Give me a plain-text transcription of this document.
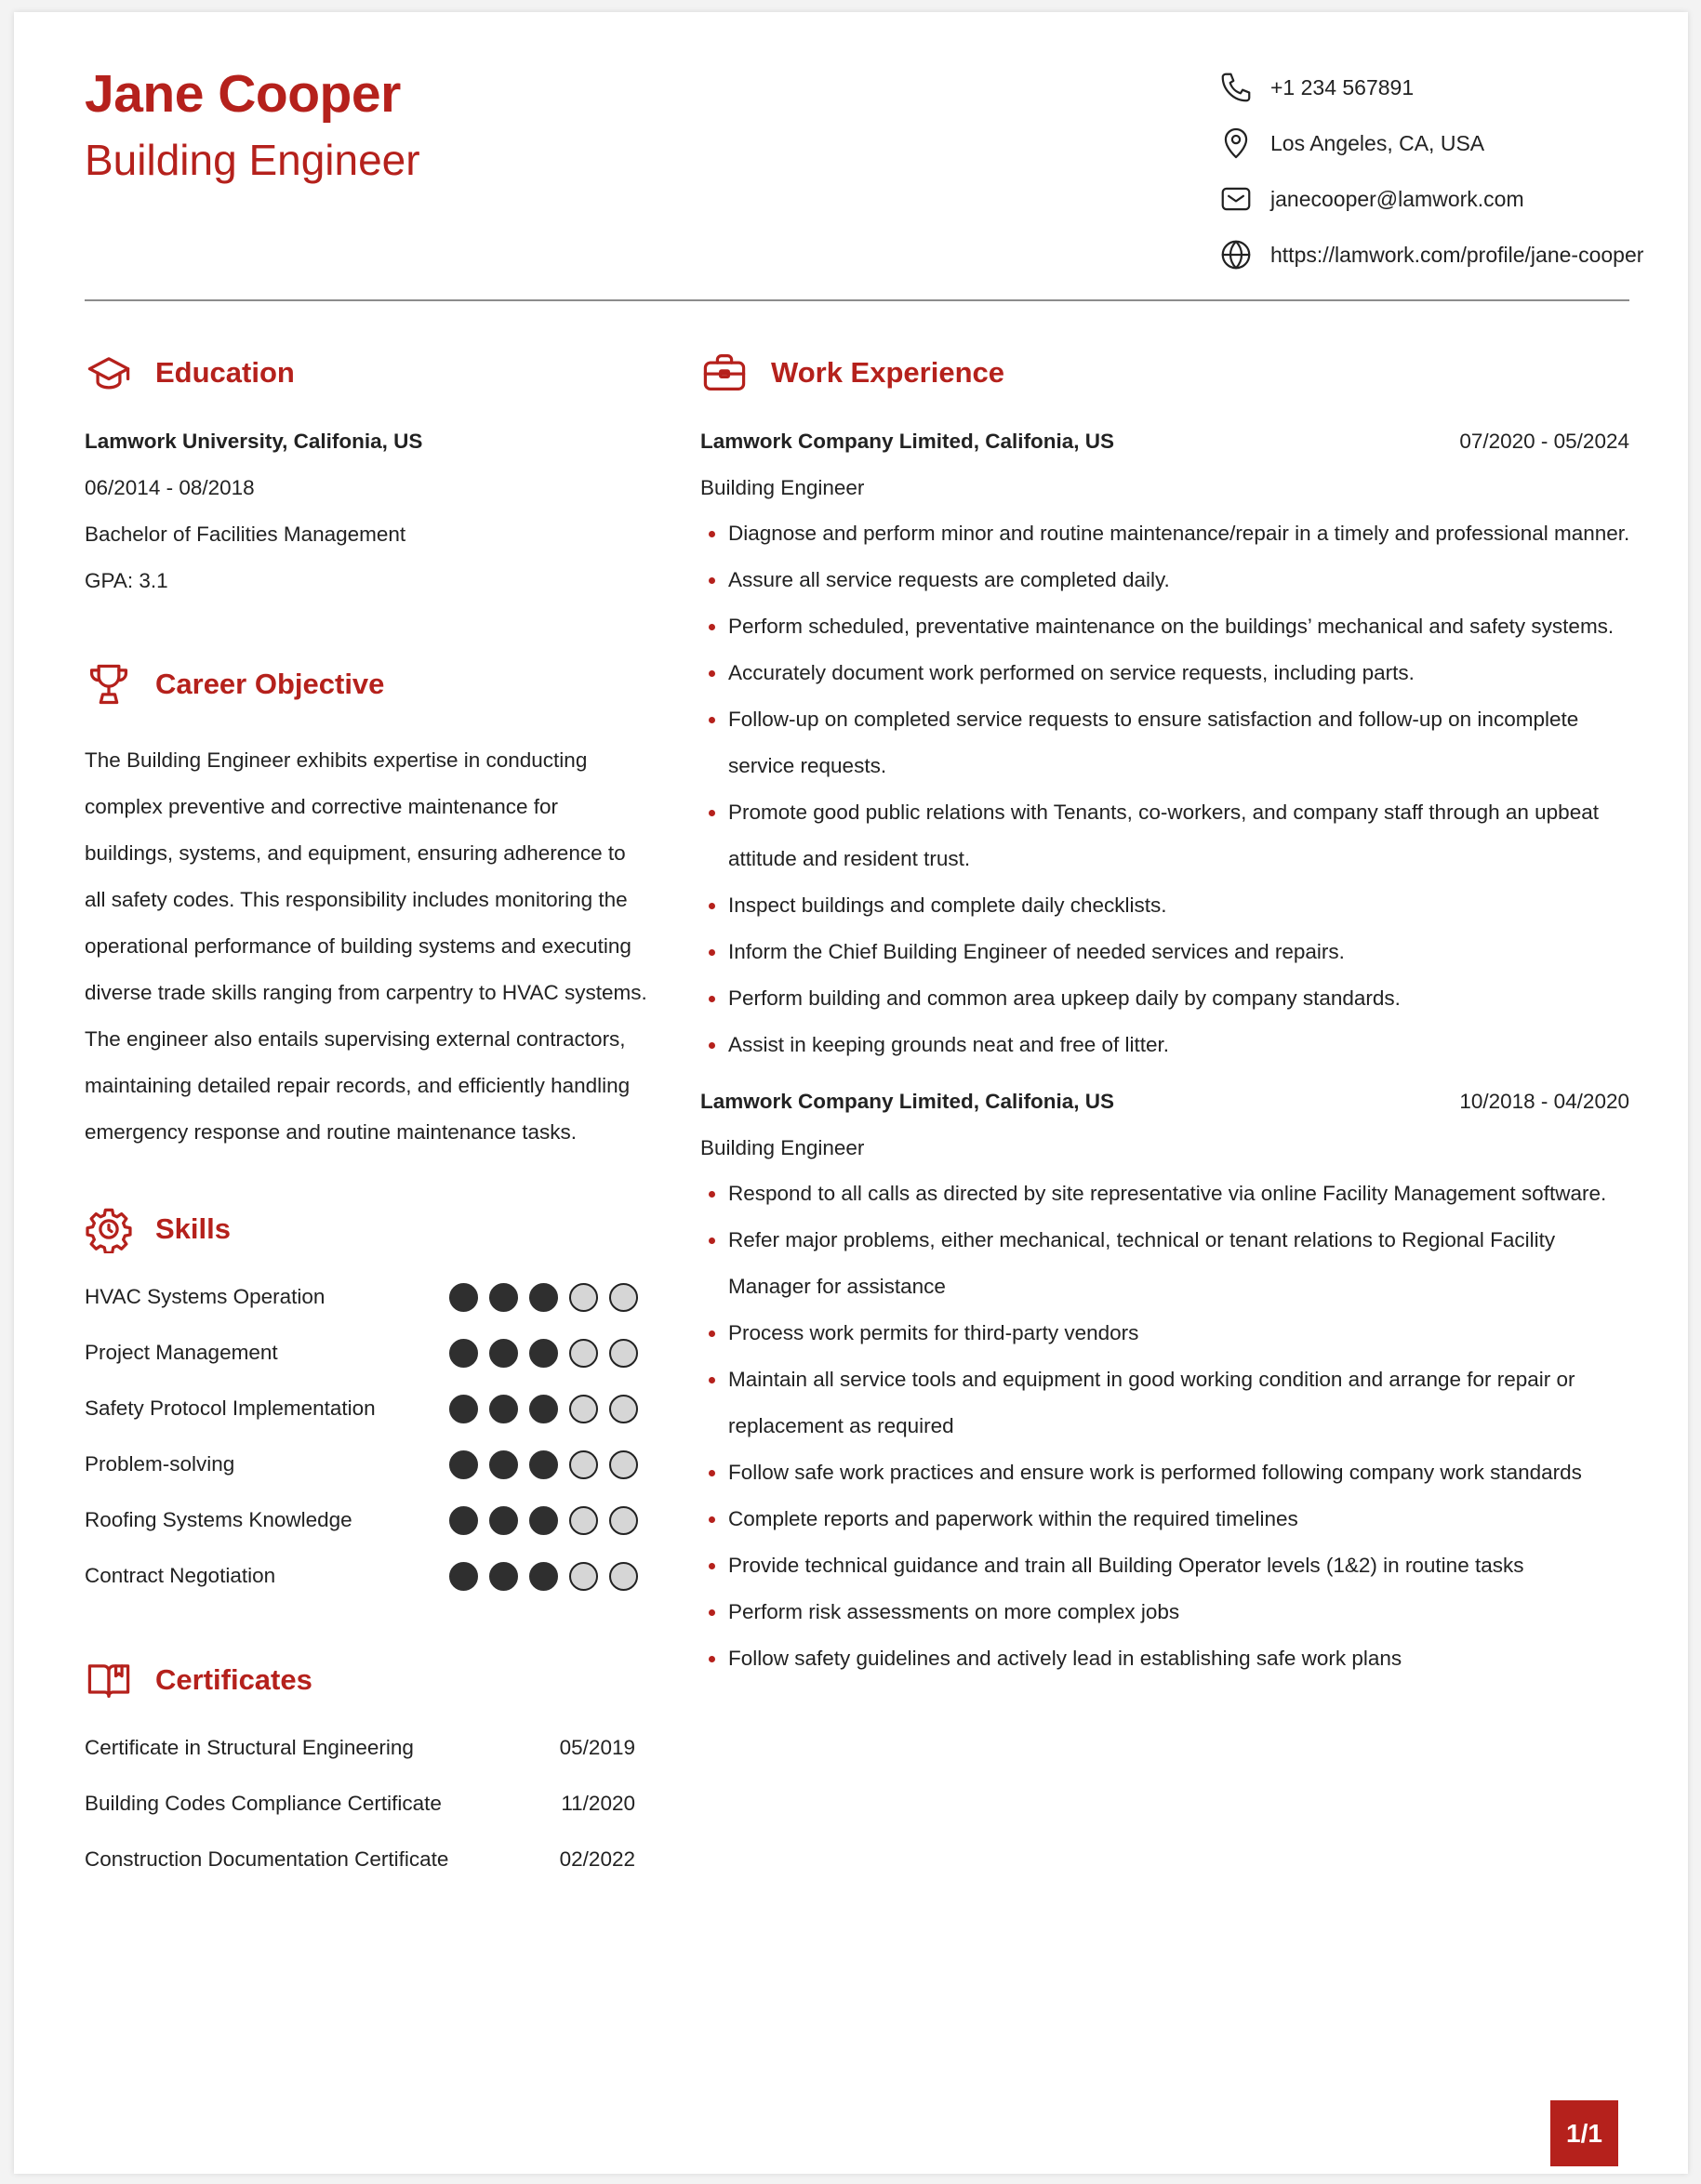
Jane Cooper
Building Engineer
+1 234 567891
Los Angeles, CA, USA
janecooper@lamwork.com
https://lamwork.com/profile/jane-cooper
Education
Lamwork University, Califonia, US
06/2014 - 08/2018
Bachelor of Facilities Management
GPA: 3.1
Career Objective
The Building Engineer exhibits expertise in conducting complex preventive and corrective maintenance for buildings, systems, and equipment, ensuring adherence to all safety codes. This responsibility includes monitoring the operational performance of building systems and executing diverse trade skills ranging from carpentry to HVAC systems. The engineer also entails supervising external contractors, maintaining detailed repair records, and efficiently handling emergency response and routine maintenance tasks.
Skills
HVAC Systems Operation
Project Management
Safety Protocol Implementation
Problem-solving
Roofing Systems Knowledge
Contract Negotiation
Certificates
Certificate in Structural Engineering	05/2019
Building Codes Compliance Certificate	11/2020
Construction Documentation Certificate	02/2022
Work Experience
Lamwork Company Limited, Califonia, US	07/2020 - 05/2024
Building Engineer
Diagnose and perform minor and routine maintenance/repair in a timely and professional manner.
Assure all service requests are completed daily.
Perform scheduled, preventative maintenance on the buildings’ mechanical and safety systems.
Accurately document work performed on service requests, including parts.
Follow-up on completed service requests to ensure satisfaction and follow-up on incomplete service requests.
Promote good public relations with Tenants, co-workers, and company staff through an upbeat attitude and resident trust.
Inspect buildings and complete daily checklists.
Inform the Chief Building Engineer of needed services and repairs.
Perform building and common area upkeep daily by company standards.
Assist in keeping grounds neat and free of litter.
Lamwork Company Limited, Califonia, US	10/2018 - 04/2020
Building Engineer
Respond to all calls as directed by site representative via online Facility Management software.
Refer major problems, either mechanical, technical or tenant relations to Regional Facility Manager for assistance
Process work permits for third-party vendors
Maintain all service tools and equipment in good working condition and arrange for repair or replacement as required
Follow safe work practices and ensure work is performed following company work standards
Complete reports and paperwork within the required timelines
Provide technical guidance and train all Building Operator levels (1&2) in routine tasks
Perform risk assessments on more complex jobs
Follow safety guidelines and actively lead in establishing safe work plans
1/1
